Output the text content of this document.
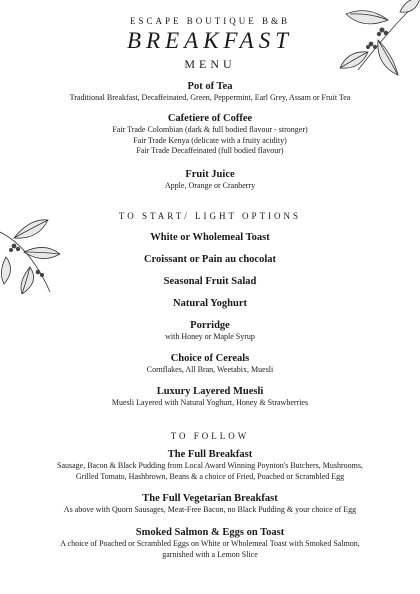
ESCAPE BOUTIQUE B&B
BREAKFAST
MENU
Pot of Tea
Traditional Breakfast, Decaffeinated, Green, Peppermint, Earl Grey, Assam or Fruit Tea
Cafetiere of Coffee
Fair Trade Colombian (dark & full bodied flavour - stronger)
Fair Trade Kenya (delicate with a fruity acidity)
Fair Trade Decaffeinated (full bodied flavour)
Fruit Juice
Apple, Orange or Cranberry
TO START/ LIGHT OPTIONS
White or Wholemeal Toast
Croissant or Pain au chocolat
Seasonal Fruit Salad
Natural Yoghurt
Porridge
with Honey or Maple Syrup
Choice of Cereals
Cornflakes, All Bran, Weetabix, Muesli
Luxury Layered Muesli
Muesli Layered with Natural Yoghurt, Honey & Strawberries
TO FOLLOW
The Full Breakfast
Sausage, Bacon & Black Pudding from Local Award Winning Poynton's Butchers, Mushrooms,
Grilled Tomato, Hashbrown, Beans & a choice of Fried, Poached or Scrambled Egg
The Full Vegetarian Breakfast
As above with Quorn Sausages, Meat-Free Bacon, no Black Pudding & your choice of Egg
Smoked Salmon & Eggs on Toast
A choice of Poached or Scrambled Eggs on White or Wholemeal Toast with Smoked Salmon,
garnished with a Lemon Slice
